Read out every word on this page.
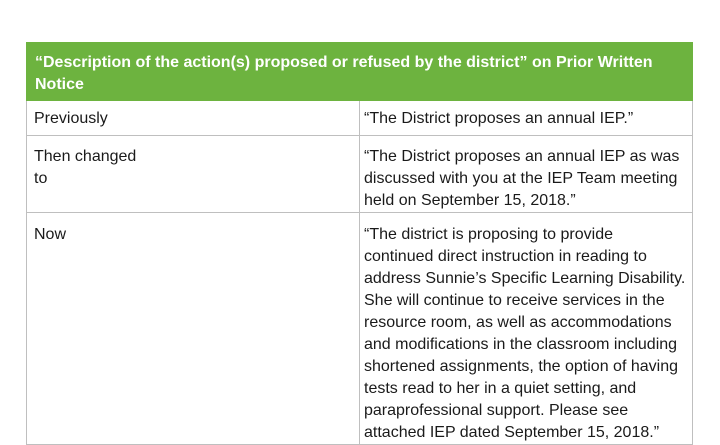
“Description of the action(s) proposed or refused by the district” on Prior Written Notice	
Previously	“The District proposes an annual IEP.”

Then changed to	“The District proposes an annual IEP as was discussed with you at the IEP Team meeting held on September 15, 2018.”
Now	“The district is proposing to provide continued direct instruction in reading to address Sunnie’s Specific Learning Disability. She will continue to receive services in the resource room, as well as accommodations and modifications in the classroom including shortened assignments, the option of having tests read to her in a quiet setting, and paraprofessional support. Please see attached IEP dated September 15, 2018.”
